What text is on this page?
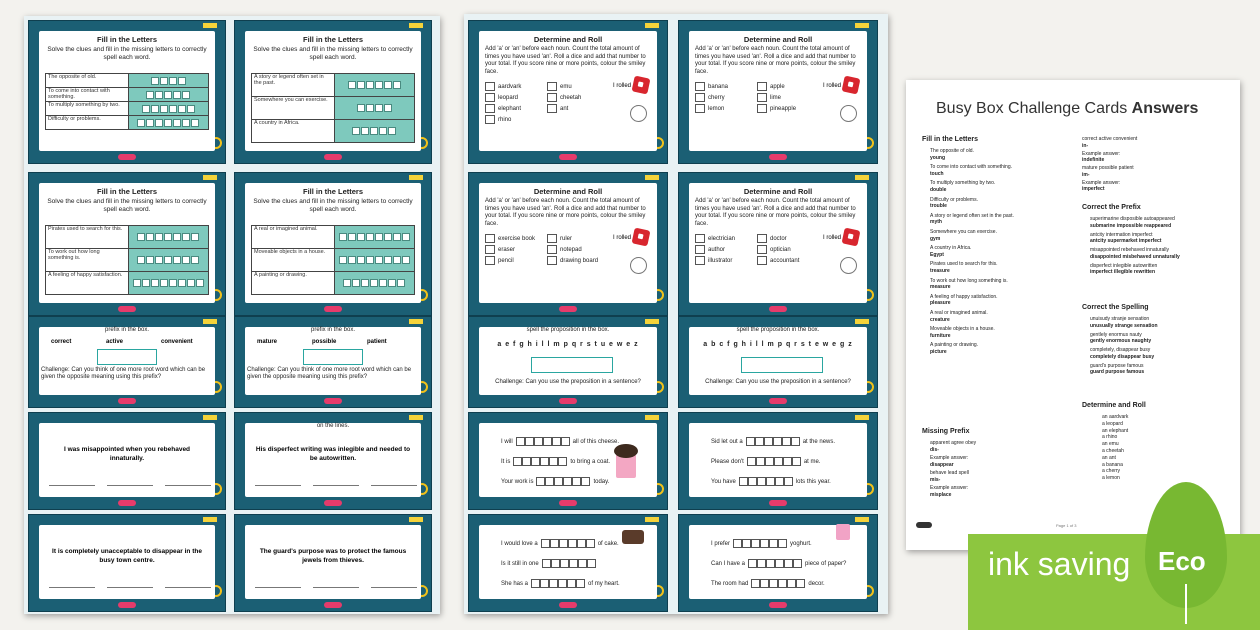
Fill in the Letters
Solve the clues and fill in the missing letters to correctly spell each word.
The opposite of old.
To come into contact with something.
To multiply something by two.
Difficulty or problems.
Fill in the Letters
Solve the clues and fill in the missing letters to correctly spell each word.
A story or legend often set in the past.
Somewhere you can exercise.
A country in Africa.
Fill in the Letters
Solve the clues and fill in the missing letters to correctly spell each word.
Pirates used to search for this.
To work out how long something is.
A feeling of happy satisfaction.
Fill in the Letters
Solve the clues and fill in the missing letters to correctly spell each word.
A real or imagined animal.
Moveable objects in a house.
A painting or drawing.
prefix in the box.
correct	active	convenient
Challenge: Can you think of one more root word which can be given the opposite meaning using this prefix?
prefix in the box.
mature	possible	patient
Challenge: Can you think of one more root word which can be given the opposite meaning using this prefix?
I was misappointed when you rebehaved innaturally.
on the lines.
His disperfect writing was inlegible and needed to be autowritten.
It is completely unacceptable to disappear in the busy town centre.
The guard's purpose was to protect the famous jewels from thieves.
Determine and Roll
Add 'a' or 'an' before each noun. Count the total amount of times you have used 'an'. Roll a dice and add that number to your total. If you score nine or more points, colour the smiley face.
aardvark
leopard
elephant
rhino
emu
cheetah
ant
I rolled
Determine and Roll
Add 'a' or 'an' before each noun. Count the total amount of times you have used 'an'. Roll a dice and add that number to your total. If you score nine or more points, colour the smiley face.
banana
cherry
lemon
apple
lime
pineapple
I rolled
Determine and Roll
Add 'a' or 'an' before each noun. Count the total amount of times you have used 'an'. Roll a dice and add that number to your total. If you score nine or more points, colour the smiley face.
exercise book
eraser
pencil
ruler
notepad
drawing board
I rolled
Determine and Roll
Add 'a' or 'an' before each noun. Count the total amount of times you have used 'an'. Roll a dice and add that number to your total. If you score nine or more points, colour the smiley face.
electrician
author
illustrator
doctor
optician
accountant
I rolled
spell the proposition in the box.
a e f g h i l l m p q r s t u e w e z
Challenge: Can you use the preposition in a sentence?
spell the proposition in the box.
a b c f g h i l l m p q r s t e w e g z
Challenge: Can you use the preposition in a sentence?
I will	all of this cheese.
It is	to bring a coat.
Your work is	today.
Sid let out a	at the news.
Please don't	at me.
You have	lots this year.
I would love a	of cake.
Is it still in one
She has a	of my heart.
I prefer	yoghurt.
Can I have a	piece of paper?
The room had	decor.
Busy Box Challenge Cards Answers
Fill in the Letters
The opposite of old.
young
To come into contact with something.
touch
To multiply something by two.
double
Difficulty or problems.
trouble
A story or legend often set in the past.
myth
Somewhere you can exercise.
gym
A country in Africa.
Egypt
Pirates used to search for this.
treasure
To work out how long something is.
measure
A feeling of happy satisfaction.
pleasure
A real or imagined animal.
creature
Moveable objects in a house.
furniture
A painting or drawing.
picture
Missing Prefix
apparent agree obey
dis-
Example answer:
disappear
behave lead spell
mis-
Example answer:
misplace
correct active convenient
in-
Example answer:
indefinite
mature possible patient
im-
Example answer:
imperfect
Correct the Prefix
superimarine disposible autoappeared
submarine impossible reappeared
antcity intermation imperfect
antcity supermarket imperfect
misappointed rebehaved innaturally
disappointed misbehaved unnaturally
disperfect inlegible autowritten
imperfect illegible rewritten
Correct the Spelling
unuisudy stranje sensation
unusually strange sensation
gentlely enormus nauty
gently enormous naughty
completely, disappear busy
completely disappear busy
guard's purpose famous
guard purpose famous
Determine and Roll
an aardvark
a leopard
an elephant
a rhino
an emu
a cheetah
an ant
a banana
a cherry
a lemon
Page 1 of 3
ink saving Eco
